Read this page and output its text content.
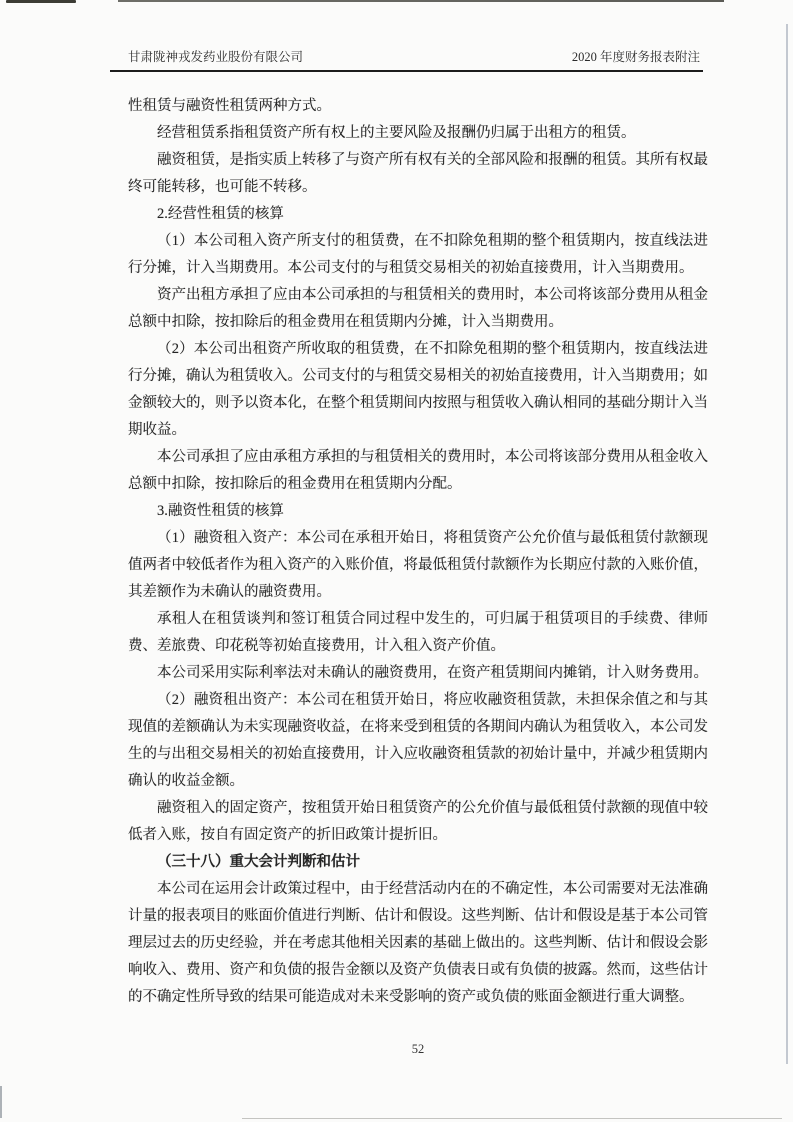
甘肃陇神戎发药业股份有限公司	2020 年度财务报表附注

性租赁与融资性租赁两种方式。

经营租赁系指租赁资产所有权上的主要风险及报酬仍归属于出租方的租赁。

融资租赁，是指实质上转移了与资产所有权有关的全部风险和报酬的租赁。其所有权最终可能转移，也可能不转移。

2.经营性租赁的核算

（1）本公司租入资产所支付的租赁费，在不扣除免租期的整个租赁期内，按直线法进行分摊，计入当期费用。本公司支付的与租赁交易相关的初始直接费用，计入当期费用。

资产出租方承担了应由本公司承担的与租赁相关的费用时，本公司将该部分费用从租金总额中扣除，按扣除后的租金费用在租赁期内分摊，计入当期费用。

（2）本公司出租资产所收取的租赁费，在不扣除免租期的整个租赁期内，按直线法进行分摊，确认为租赁收入。公司支付的与租赁交易相关的初始直接费用，计入当期费用；如金额较大的，则予以资本化，在整个租赁期间内按照与租赁收入确认相同的基础分期计入当期收益。

本公司承担了应由承租方承担的与租赁相关的费用时，本公司将该部分费用从租金收入总额中扣除，按扣除后的租金费用在租赁期内分配。

3.融资性租赁的核算

（1）融资租入资产：本公司在承租开始日，将租赁资产公允价值与最低租赁付款额现值两者中较低者作为租入资产的入账价值，将最低租赁付款额作为长期应付款的入账价值，其差额作为未确认的融资费用。

承租人在租赁谈判和签订租赁合同过程中发生的，可归属于租赁项目的手续费、律师费、差旅费、印花税等初始直接费用，计入租入资产价值。

本公司采用实际利率法对未确认的融资费用，在资产租赁期间内摊销，计入财务费用。

（2）融资租出资产：本公司在租赁开始日，将应收融资租赁款，未担保余值之和与其现值的差额确认为未实现融资收益，在将来受到租赁的各期间内确认为租赁收入，本公司发生的与出租交易相关的初始直接费用，计入应收融资租赁款的初始计量中，并减少租赁期内确认的收益金额。

融资租入的固定资产，按租赁开始日租赁资产的公允价值与最低租赁付款额的现值中较低者入账，按自有固定资产的折旧政策计提折旧。

（三十八）重大会计判断和估计

本公司在运用会计政策过程中，由于经营活动内在的不确定性，本公司需要对无法准确计量的报表项目的账面价值进行判断、估计和假设。这些判断、估计和假设是基于本公司管理层过去的历史经验，并在考虑其他相关因素的基础上做出的。这些判断、估计和假设会影响收入、费用、资产和负债的报告金额以及资产负债表日或有负债的披露。然而，这些估计的不确定性所导致的结果可能造成对未来受影响的资产或负债的账面金额进行重大调整。

52
